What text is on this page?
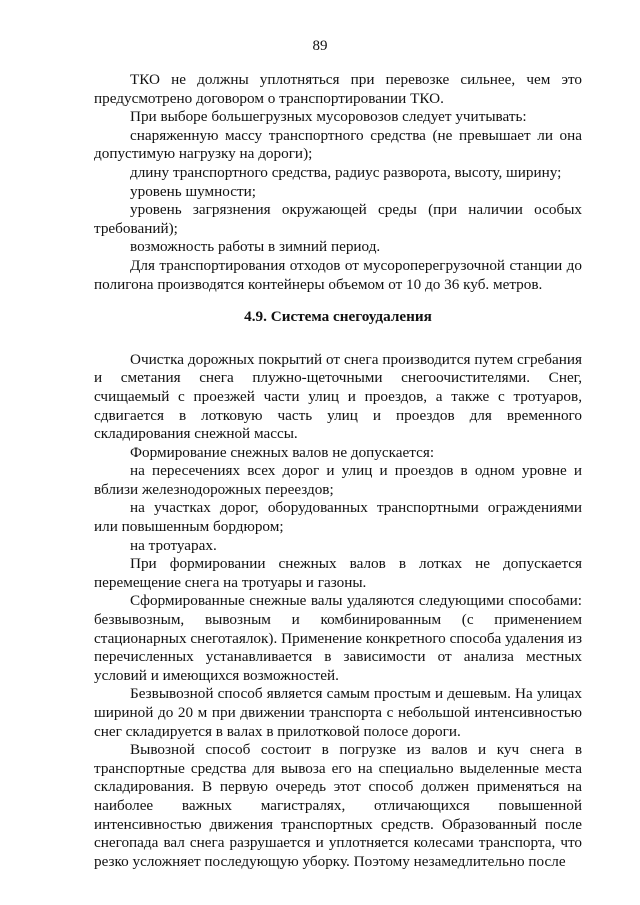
89

ТКО не должны уплотняться при перевозке сильнее, чем это предусмотрено договором о транспортировании ТКО.

При выборе большегрузных мусоровозов следует учитывать:

снаряженную массу транспортного средства (не превышает ли она допустимую нагрузку на дороги);

длину транспортного средства, радиус разворота, высоту, ширину;

уровень шумности;

уровень загрязнения окружающей среды (при наличии особых требований);

возможность работы в зимний период.

Для транспортирования отходов от мусороперегрузочной станции до полигона производятся контейнеры объемом от 10 до 36 куб. метров.

4.9. Система снегоудаления

Очистка дорожных покрытий от снега производится путем сгребания и сметания снега плужно-щеточными снегоочистителями. Снег, счищаемый с проезжей части улиц и проездов, а также с тротуаров, сдвигается в лотковую часть улиц и проездов для временного складирования снежной массы.

Формирование снежных валов не допускается:

на пересечениях всех дорог и улиц и проездов в одном уровне и вблизи железнодорожных переездов;

на участках дорог, оборудованных транспортными ограждениями или повышенным бордюром;

на тротуарах.

При формировании снежных валов в лотках не допускается перемещение снега на тротуары и газоны.

Сформированные снежные валы удаляются следующими способами: безвывозным, вывозным и комбинированным (с применением стационарных снеготаялок). Применение конкретного способа удаления из перечисленных устанавливается в зависимости от анализа местных условий и имеющихся возможностей.

Безвывозной способ является самым простым и дешевым. На улицах шириной до 20 м при движении транспорта с небольшой интенсивностью снег складируется в валах в прилотковой полосе дороги.

Вывозной способ состоит в погрузке из валов и куч снега в транспортные средства для вывоза его на специально выделенные места складирования. В первую очередь этот способ должен применяться на наиболее важных магистралях, отличающихся повышенной интенсивностью движения транспортных средств. Образованный после снегопада вал снега разрушается и уплотняется колесами транспорта, что резко усложняет последующую уборку. Поэтому незамедлительно после
